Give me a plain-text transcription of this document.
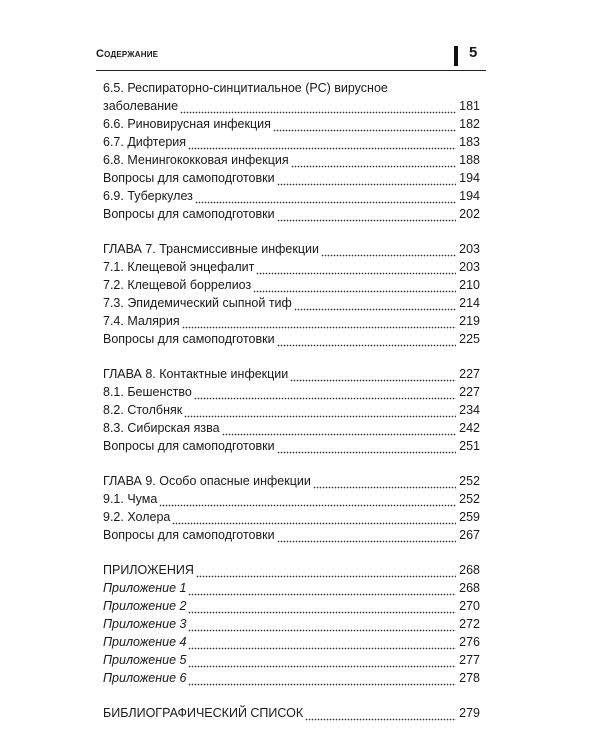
Содержание	5
6.5. Респираторно-синцитиальное (РС) вирусное
заболевание	181
6.6. Риновирусная инфекция	182
6.7. Дифтерия	183
6.8. Менингококковая инфекция	188
Вопросы для самоподготовки	194
6.9. Туберкулез	194
Вопросы для самоподготовки	202
ГЛАВА 7. Трансмиссивные инфекции	203
7.1. Клещевой энцефалит	203
7.2. Клещевой боррелиоз	210
7.3. Эпидемический сыпной тиф	214
7.4. Малярия	219
Вопросы для самоподготовки	225
ГЛАВА 8. Контактные инфекции	227
8.1. Бешенство	227
8.2. Столбняк	234
8.3. Сибирская язва	242
Вопросы для самоподготовки	251
ГЛАВА 9. Особо опасные инфекции	252
9.1. Чума	252
9.2. Холера	259
Вопросы для самоподготовки	267
ПРИЛОЖЕНИЯ	268
Приложение 1	268
Приложение 2	270
Приложение 3	272
Приложение 4	276
Приложение 5	277
Приложение 6	278
БИБЛИОГРАФИЧЕСКИЙ СПИСОК	279
